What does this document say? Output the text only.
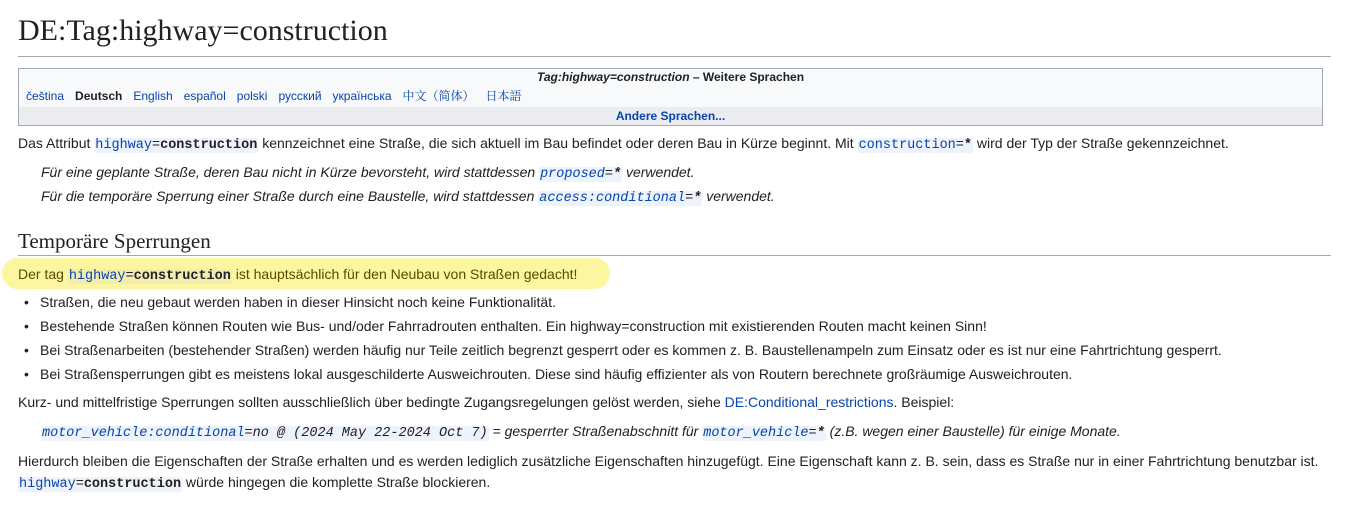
DE:Tag:highway=construction
Tag:highway=construction – Weitere Sprachen
čeština Deutsch English español polski русский українська 中文（简体） 日本語
Andere Sprachen...

Das Attribut highway=construction kennzeichnet eine Straße, die sich aktuell im Bau befindet oder deren Bau in Kürze beginnt. Mit construction=* wird der Typ der Straße gekennzeichnet.

Für eine geplante Straße, deren Bau nicht in Kürze bevorsteht, wird stattdessen proposed=* verwendet.

Für die temporäre Sperrung einer Straße durch eine Baustelle, wird stattdessen access:conditional=* verwendet.

Temporäre Sperrungen

Der tag highway=construction ist hauptsächlich für den Neubau von Straßen gedacht!

• Straßen, die neu gebaut werden haben in dieser Hinsicht noch keine Funktionalität.
• Bestehende Straßen können Routen wie Bus- und/oder Fahrradrouten enthalten. Ein highway=construction mit existierenden Routen macht keinen Sinn!
• Bei Straßenarbeiten (bestehender Straßen) werden häufig nur Teile zeitlich begrenzt gesperrt oder es kommen z. B. Baustellenampeln zum Einsatz oder es ist nur eine Fahrtrichtung gesperrt.
• Bei Straßensperrungen gibt es meistens lokal ausgeschilderte Ausweichrouten. Diese sind häufig effizienter als von Routern berechnete großräumige Ausweichrouten.

Kurz- und mittelfristige Sperrungen sollten ausschließlich über bedingte Zugangsregelungen gelöst werden, siehe DE:Conditional_restrictions. Beispiel:

motor_vehicle:conditional=no @ (2024 May 22-2024 Oct 7) = gesperrter Straßenabschnitt für motor_vehicle=* (z.B. wegen einer Baustelle) für einige Monate.

Hierdurch bleiben die Eigenschaften der Straße erhalten und es werden lediglich zusätzliche Eigenschaften hinzugefügt. Eine Eigenschaft kann z. B. sein, dass es Straße nur in einer Fahrtrichtung benutzbar ist.

highway=construction würde hingegen die komplette Straße blockieren.
